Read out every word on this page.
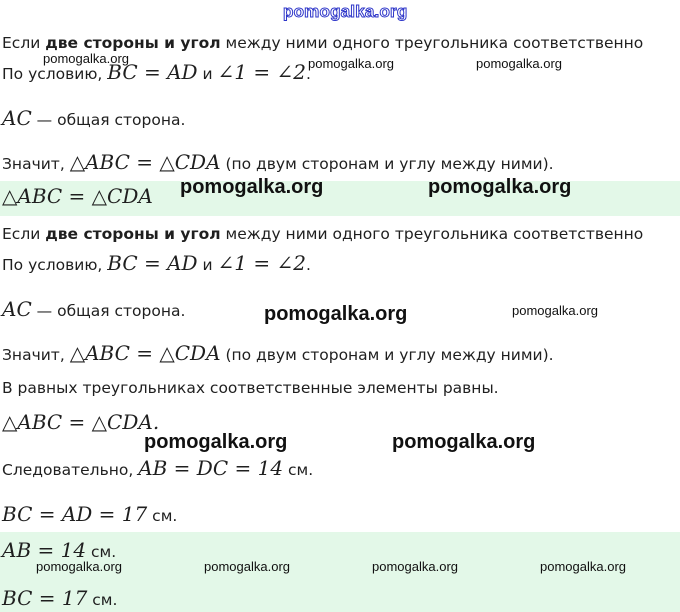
Если две стороны и угол между ними одного треугольника соответственно
По условию, BC = AD и ∠1 = ∠2.
AC — общая сторона.
Значит, △ABC = △CDA (по двум сторонам и углу между ними).
△ABC = △CDA
Если две стороны и угол между ними одного треугольника соответственно
По условию, BC = AD и ∠1 = ∠2.
AC — общая сторона.
Значит, △ABC = △CDA (по двум сторонам и углу между ними).
В равных треугольниках соответственные элементы равны.
△ABC = △CDA.
Следовательно, AB = DC = 14 см.
BC = AD = 17 см.
AB = 14 см.
BC = 17 см.
pomogalka.org
pomogalka.org	pomogalka.org	pomogalka.org
pomogalka.org	pomogalka.org
pomogalka.org	pomogalka.org
pomogalka.org	pomogalka.org
pomogalka.org	pomogalka.org	pomogalka.org	pomogalka.org
